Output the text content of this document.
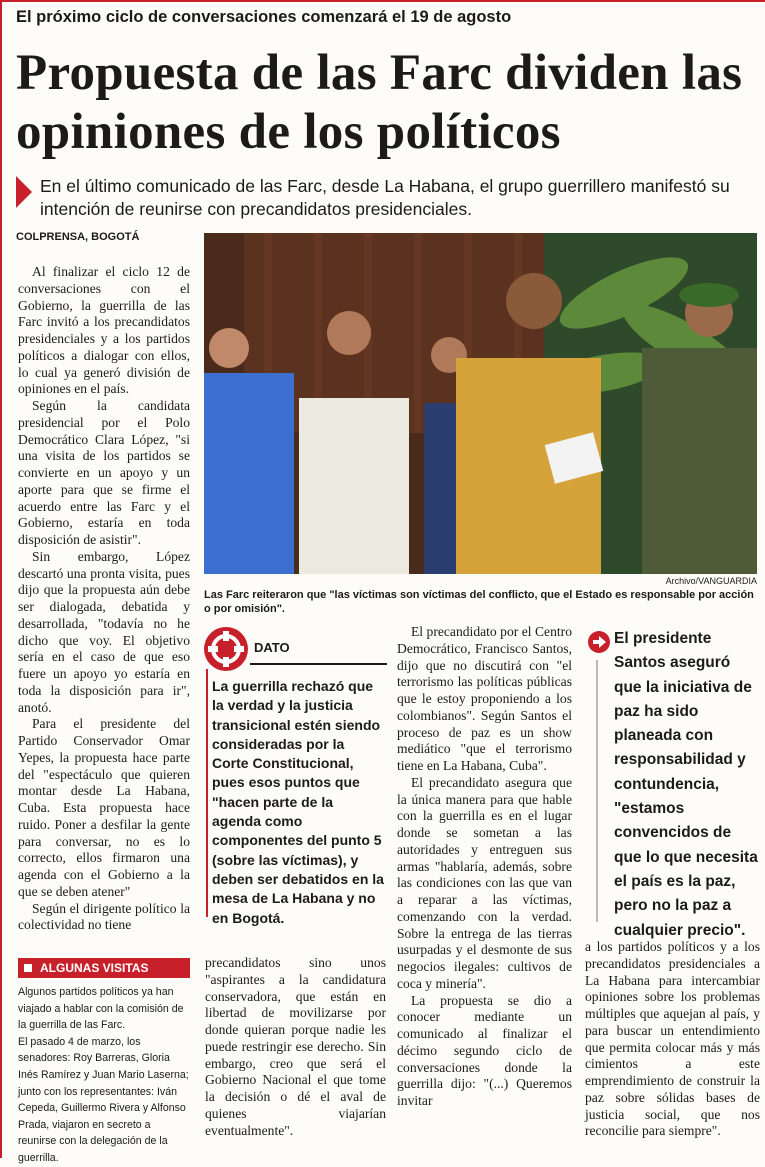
El próximo ciclo de conversaciones comenzará el 19 de agosto
Propuesta de las Farc dividen las opiniones de los políticos
En el último comunicado de las Farc, desde La Habana, el grupo guerrillero manifestó su intención de reunirse con precandidatos presidenciales.
COLPRENSA, BOGOTÁ
Archivo/VANGUARDIA
Las Farc reiteraron que "las víctimas son víctimas del conflicto, que el Estado es responsable por acción o por omisión".

Al finalizar el ciclo 12 de conversaciones con el Gobierno, la guerrilla de las Farc invitó a los precandidatos presidenciales y a los partidos políticos a dialogar con ellos, lo cual ya generó división de opiniones en el país.

Según la candidata presidencial por el Polo Democrático Clara López, "si una visita de los partidos se convierte en un apoyo y un aporte para que se firme el acuerdo entre las Farc y el Gobierno, estaría en toda disposición de asistir".

Sin embargo, López descartó una pronta visita, pues dijo que la propuesta aún debe ser dialogada, debatida y desarrollada, "todavía no he dicho que voy. El objetivo sería en el caso de que eso fuere un apoyo yo estaría en toda la disposición para ir", anotó.

Para el presidente del Partido Conservador Omar Yepes, la propuesta hace parte del "espectáculo que quieren montar desde La Habana, Cuba. Esta propuesta hace ruido. Poner a desfilar la gente para conversar, no es lo correcto, ellos firmaron una agenda con el Gobierno a la que se deben atener"

Según el dirigente político la colectividad no tiene

DATO
La guerrilla rechazó que la verdad y la justicia transicional estén siendo consideradas por la Corte Constitucional, pues esos puntos que "hacen parte de la agenda como componentes del punto 5 (sobre las víctimas), y deben ser debatidos en la mesa de La Habana y no en Bogotá.

precandidatos sino unos "aspirantes a la candidatura conservadora, que están en libertad de movilizarse por donde quieran porque nadie les puede restringir ese derecho. Sin embargo, creo que será el Gobierno Nacional el que tome la decisión o dé el aval de quienes viajarían eventualmente".

El precandidato por el Centro Democrático, Francisco Santos, dijo que no discutirá con "el terrorismo las políticas públicas que le estoy proponiendo a los colombianos". Según Santos el proceso de paz es un show mediático "que el terrorismo tiene en La Habana, Cuba".

El precandidato asegura que la única manera para que hable con la guerrilla es en el lugar donde se sometan a las autoridades y entreguen sus armas "hablaría, además, sobre las condiciones con las que van a reparar a las víctimas, comenzando con la verdad. Sobre la entrega de las tierras usurpadas y el desmonte de sus negocios ilegales: cultivos de coca y minería".

La propuesta se dio a conocer mediante un comunicado al finalizar el décimo segundo ciclo de conversaciones donde la guerrilla dijo: "(...) Queremos invitar

El presidente Santos aseguró que la iniciativa de paz ha sido planeada con responsabilidad y contundencia, "estamos convencidos de que lo que necesita el país es la paz, pero no la paz a cualquier precio".

a los partidos políticos y a los precandidatos presidenciales a La Habana para intercambiar opiniones sobre los problemas múltiples que aquejan al país, y para buscar un entendimiento que permita colocar más y más cimientos a este emprendimiento de construir la paz sobre sólidas bases de justicia social, que nos reconcilie para siempre".

ALGUNAS VISITAS

Algunos partidos políticos ya han viajado a hablar con la comisión de la guerrilla de las Farc.

El pasado 4 de marzo, los senadores: Roy Barreras, Gloria Inés Ramírez y Juan Mario Laserna; junto con los representantes: Iván Cepeda, Guillermo Rivera y Alfonso Prada, viajaron en secreto a reunirse con la delegación de la guerrilla.
